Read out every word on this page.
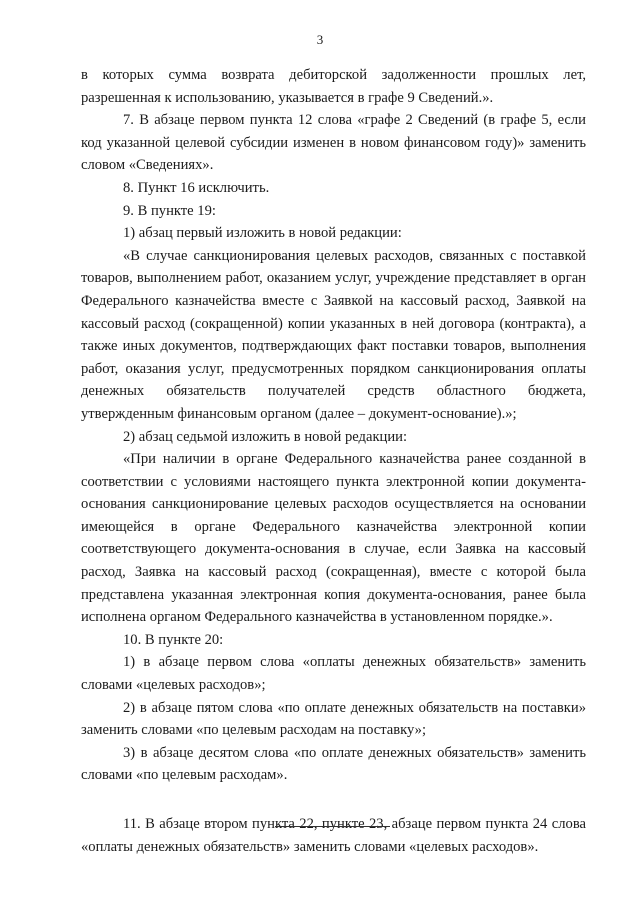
3

в которых сумма возврата дебиторской задолженности прошлых лет, разрешенная к использованию, указывается в графе 9 Сведений.».

7. В абзаце первом пункта 12 слова «графе 2 Сведений (в графе 5, если код указанной целевой субсидии изменен в новом финансовом году)» заменить словом «Сведениях».

8. Пункт 16 исключить.

9. В пункте 19:

1) абзац первый изложить в новой редакции:

«В случае санкционирования целевых расходов, связанных с поставкой товаров, выполнением работ, оказанием услуг, учреждение представляет в орган Федерального казначейства вместе с Заявкой на кассовый расход, Заявкой на кассовый расход (сокращенной) копии указанных в ней договора (контракта), а также иных документов, подтверждающих факт поставки товаров, выполнения работ, оказания услуг, предусмотренных порядком санкционирования оплаты денежных обязательств получателей средств областного бюджета, утвержденным финансовым органом (далее – документ-основание).»;

2) абзац седьмой изложить в новой редакции:

«При наличии в органе Федерального казначейства ранее созданной в соответствии с условиями настоящего пункта электронной копии документа-основания санкционирование целевых расходов осуществляется на основании имеющейся в органе Федерального казначейства электронной копии соответствующего документа-основания в случае, если Заявка на кассовый расход, Заявка на кассовый расход (сокращенная), вместе с которой была представлена указанная электронная копия документа-основания, ранее была исполнена органом Федерального казначейства в установленном порядке.».

10. В пункте 20:

1) в абзаце первом слова «оплаты денежных обязательств» заменить словами «целевых расходов»;

2) в абзаце пятом слова «по оплате денежных обязательств на поставки» заменить словами «по целевым расходам на поставку»;

3) в абзаце десятом слова «по оплате денежных обязательств» заменить словами «по целевым расходам».

11. В абзаце втором пункта 22, пункте 23, абзаце первом пункта 24 слова «оплаты денежных обязательств» заменить словами «целевых расходов».
